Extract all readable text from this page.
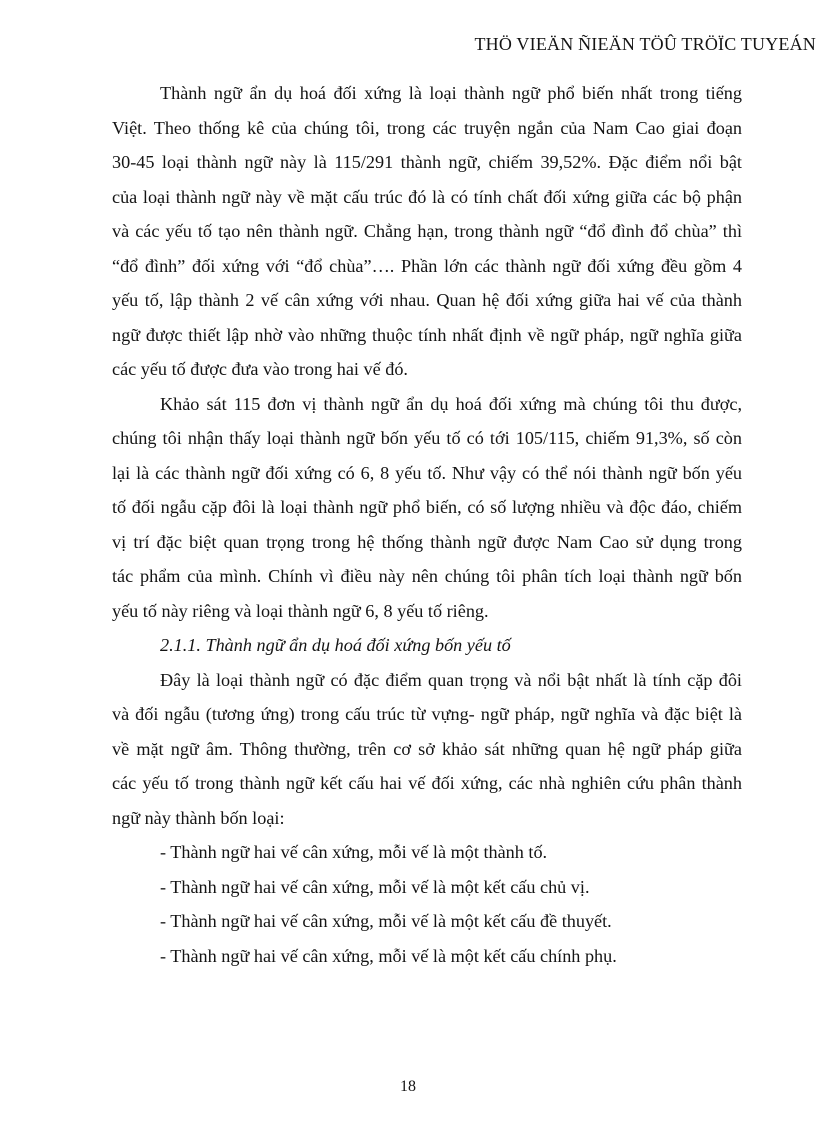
THÖ VIEÄN ÑIEÄN TÖÛ TRÖÏC TUYEÁN
Thành ngữ ẩn dụ hoá đối xứng là loại thành ngữ phổ biến nhất trong tiếng
Việt. Theo thống kê của chúng tôi, trong các truyện ngắn của Nam Cao giai đoạn
30-45 loại thành ngữ này là 115/291 thành ngữ, chiếm 39,52%. Đặc điểm nổi bật
của loại thành ngữ này về mặt cấu trúc đó là có tính chất đối xứng giữa các bộ phận
và các yếu tố tạo nên thành ngữ. Chẳng hạn, trong thành ngữ “đổ đình đổ chùa” thì
“đổ đình” đối xứng với “đổ chùa”…. Phần lớn các thành ngữ đối xứng đều gồm 4
yếu tố, lập thành 2 vế cân xứng với nhau. Quan hệ đối xứng giữa hai vế của thành
ngữ được thiết lập nhờ vào những thuộc tính nhất định về ngữ pháp, ngữ nghĩa giữa
các yếu tố được đưa vào trong hai vế đó.
Khảo sát 115 đơn vị thành ngữ ẩn dụ hoá đối xứng mà chúng tôi thu được,
chúng tôi nhận thấy loại thành ngữ bốn yếu tố có tới 105/115, chiếm 91,3%, số còn
lại là các thành ngữ đối xứng có 6, 8 yếu tố. Như vậy có thể nói thành ngữ bốn yếu
tố đối ngẫu cặp đôi là loại thành ngữ phổ biến, có số lượng nhiều và độc đáo, chiếm
vị trí đặc biệt quan trọng trong hệ thống thành ngữ được Nam Cao sử dụng trong
tác phẩm của mình. Chính vì điều này nên chúng tôi phân tích loại thành ngữ bốn
yếu tố này riêng và loại thành ngữ 6, 8 yếu tố riêng.
2.1.1. Thành ngữ ẩn dụ hoá đối xứng bốn yếu tố
Đây là loại thành ngữ có đặc điểm quan trọng và nổi bật nhất là tính cặp đôi
và đối ngẫu (tương ứng) trong cấu trúc từ vựng- ngữ pháp, ngữ nghĩa và đặc biệt là
về mặt ngữ âm. Thông thường, trên cơ sở khảo sát những quan hệ ngữ pháp giữa
các yếu tố trong thành ngữ kết cấu hai vế đối xứng, các nhà nghiên cứu phân thành
ngữ này thành bốn loại:
- Thành ngữ hai vế cân xứng, mỗi vế là một thành tố.
- Thành ngữ hai vế cân xứng, mỗi vế là một kết cấu chủ vị.
- Thành ngữ hai vế cân xứng, mỗi vế là một kết cấu đề thuyết.
- Thành ngữ hai vế cân xứng, mỗi vế là một kết cấu chính phụ.
18
